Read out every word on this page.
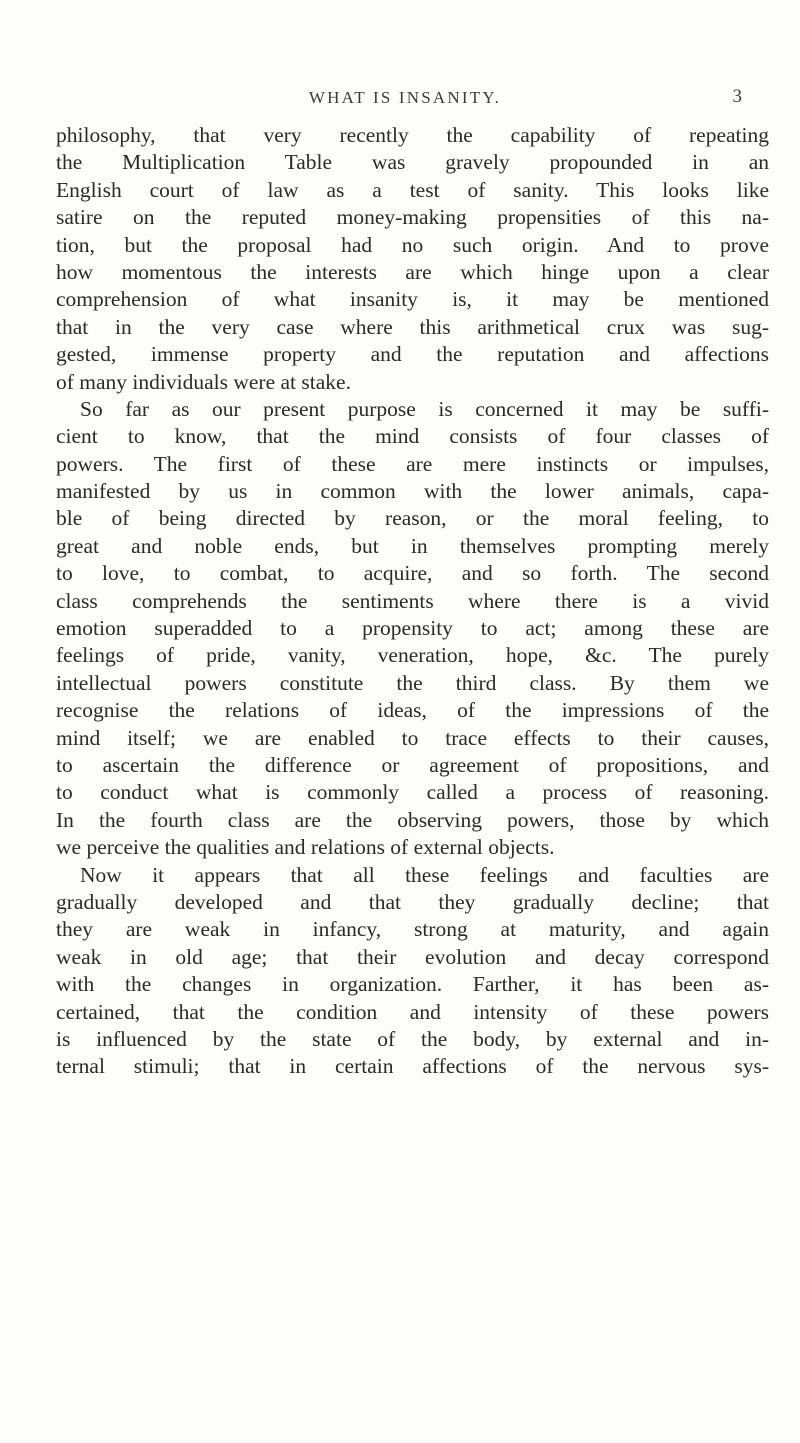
WHAT IS INSANITY.	3
philosophy, that very recently the capability of repeating
the Multiplication Table was gravely propounded in an
English court of law as a test of sanity. This looks like
satire on the reputed money-making propensities of this na-
tion, but the proposal had no such origin. And to prove
how momentous the interests are which hinge upon a clear
comprehension of what insanity is, it may be mentioned
that in the very case where this arithmetical crux was sug-
gested, immense property and the reputation and affections
of many individuals were at stake.
So far as our present purpose is concerned it may be suffi-
cient to know, that the mind consists of four classes of
powers. The first of these are mere instincts or impulses,
manifested by us in common with the lower animals, capa-
ble of being directed by reason, or the moral feeling, to
great and noble ends, but in themselves prompting merely
to love, to combat, to acquire, and so forth. The second
class comprehends the sentiments where there is a vivid
emotion superadded to a propensity to act; among these are
feelings of pride, vanity, veneration, hope, &c. The purely
intellectual powers constitute the third class. By them we
recognise the relations of ideas, of the impressions of the
mind itself; we are enabled to trace effects to their causes,
to ascertain the difference or agreement of propositions, and
to conduct what is commonly called a process of reasoning.
In the fourth class are the observing powers, those by which
we perceive the qualities and relations of external objects.
Now it appears that all these feelings and faculties are
gradually developed and that they gradually decline; that
they are weak in infancy, strong at maturity, and again
weak in old age; that their evolution and decay correspond
with the changes in organization. Farther, it has been as-
certained, that the condition and intensity of these powers
is influenced by the state of the body, by external and in-
ternal stimuli; that in certain affections of the nervous sys-
